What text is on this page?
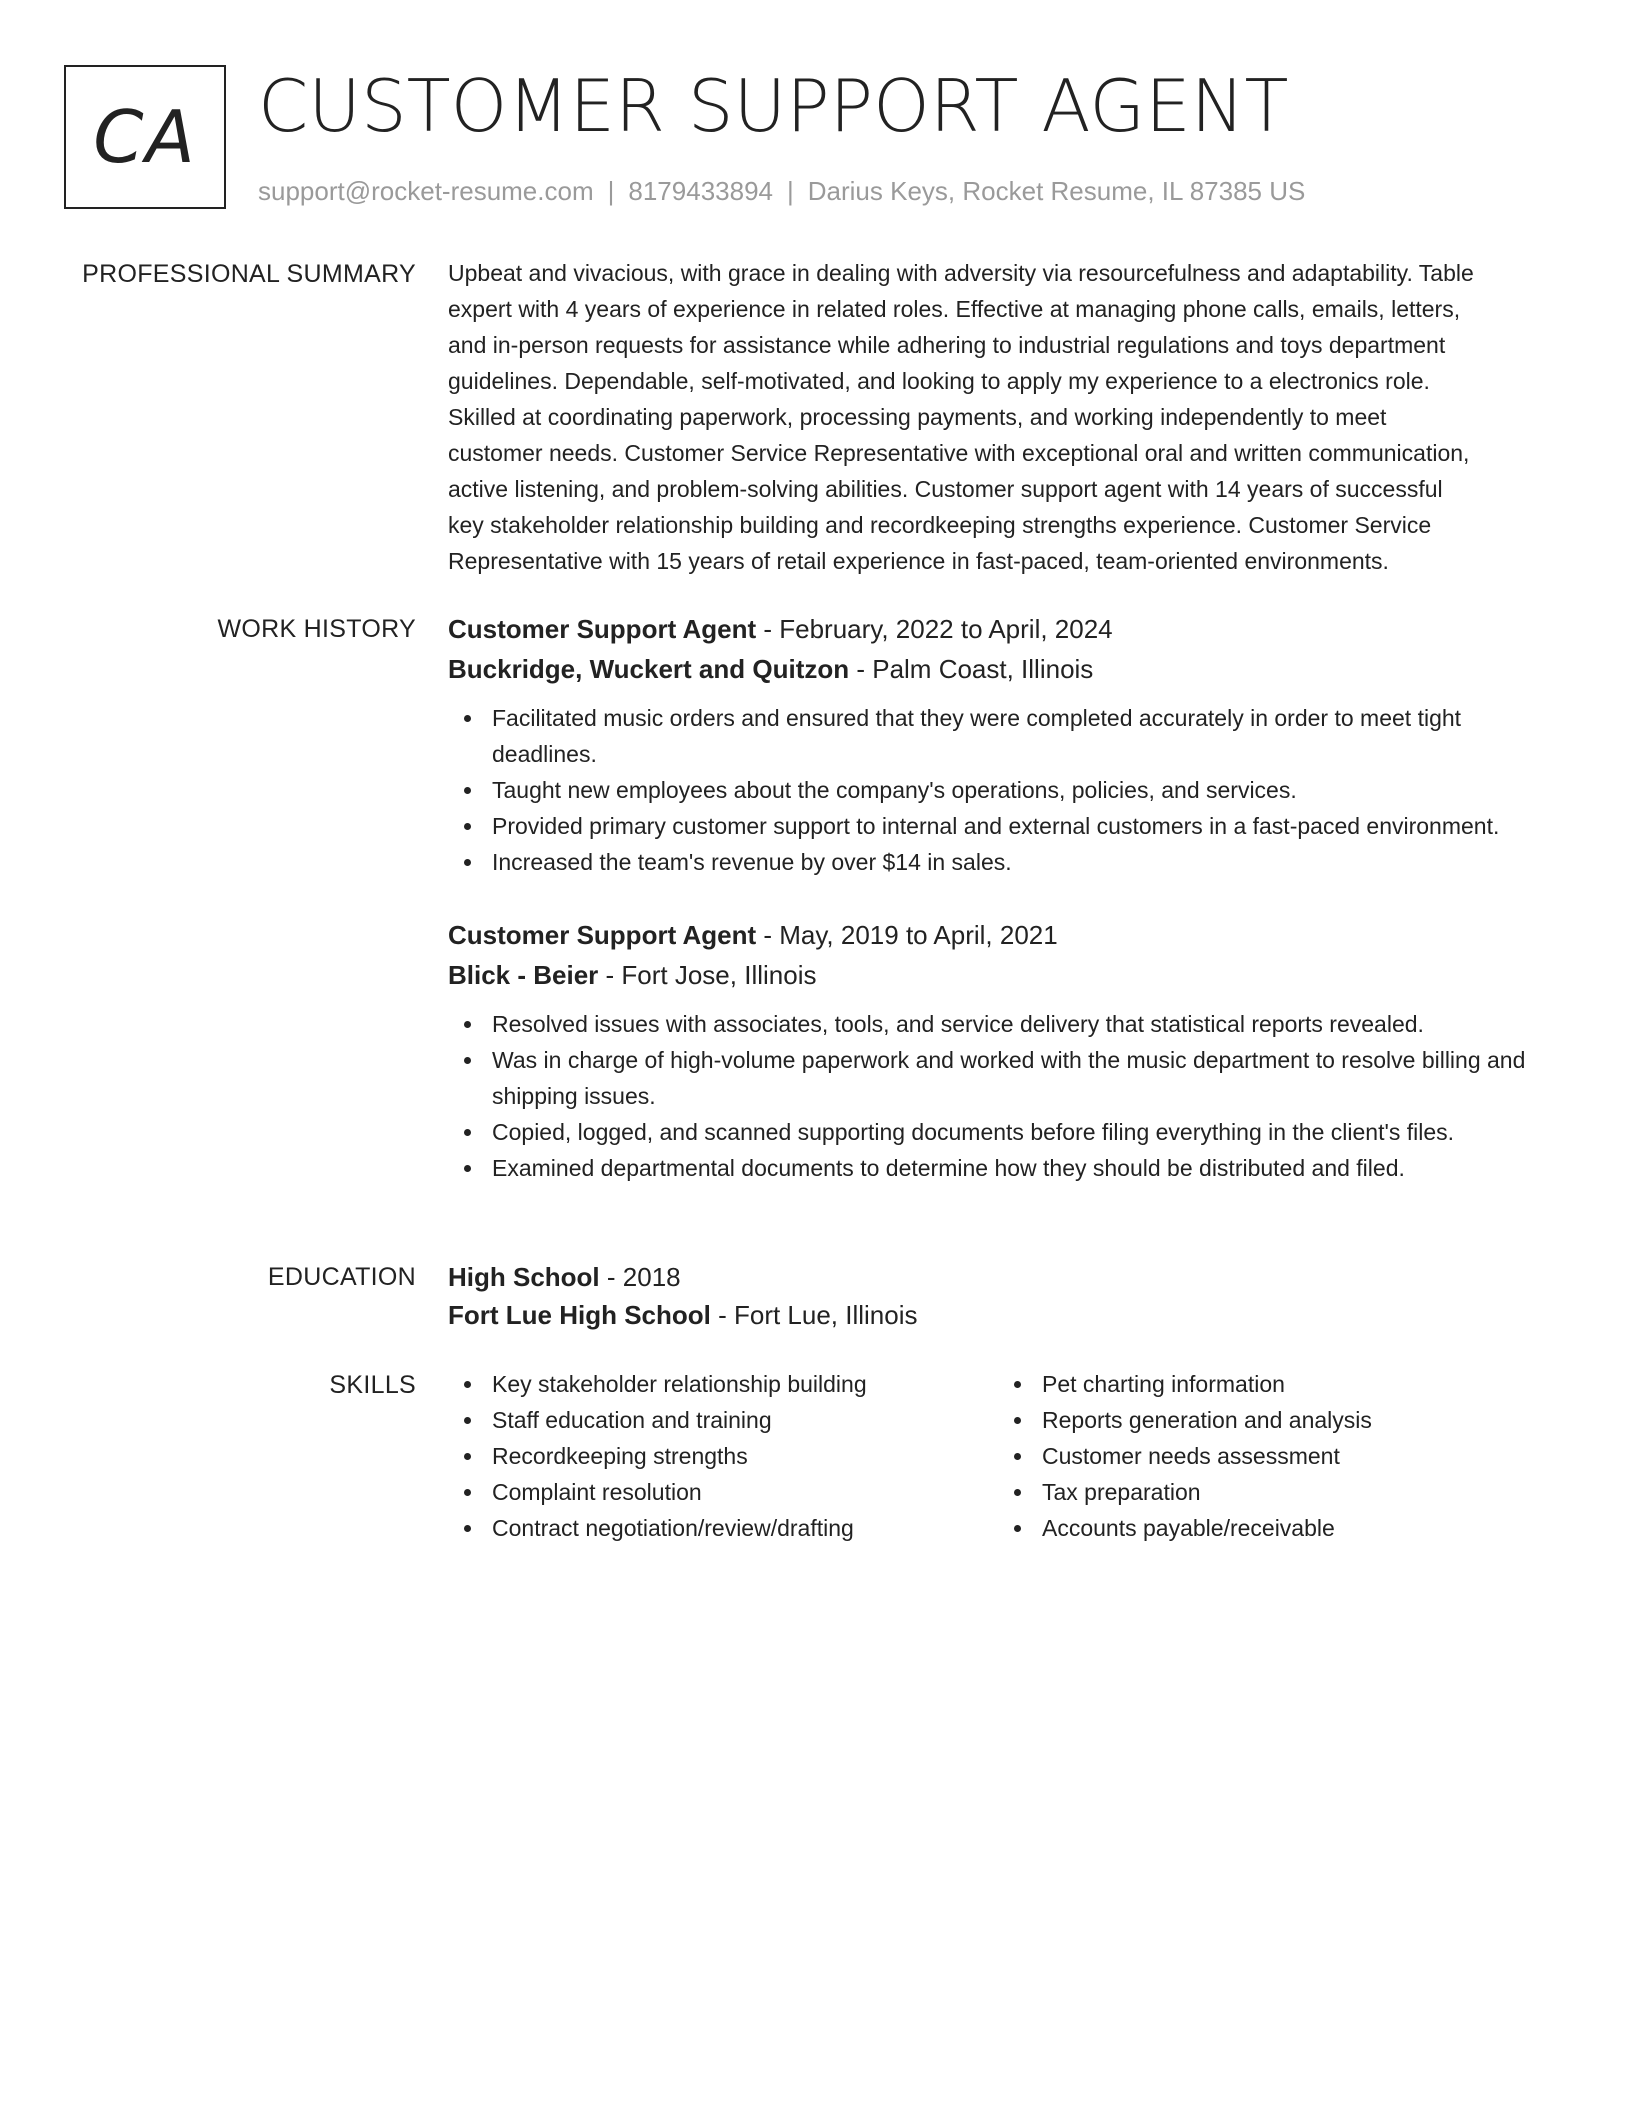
CA CUSTOMER SUPPORT AGENT
support@rocket-resume.com | 8179433894 | Darius Keys, Rocket Resume, IL 87385 US
PROFESSIONAL SUMMARY Upbeat and vivacious, with grace in dealing with adversity via resourcefulness and adaptability. Table
expert with 4 years of experience in related roles. Effective at managing phone calls, emails, letters,
and in-person requests for assistance while adhering to industrial regulations and toys department
guidelines. Dependable, self-motivated, and looking to apply my experience to a electronics role.
Skilled at coordinating paperwork, processing payments, and working independently to meet
customer needs. Customer Service Representative with exceptional oral and written communication,
active listening, and problem-solving abilities. Customer support agent with 14 years of successful
key stakeholder relationship building and recordkeeping strengths experience. Customer Service
Representative with 15 years of retail experience in fast-paced, team-oriented environments.
WORK HISTORY Customer Support Agent - February, 2022 to April, 2024
Buckridge, Wuckert and Quitzon - Palm Coast, Illinois
Facilitated music orders and ensured that they were completed accurately in order to meet tight deadlines.
Taught new employees about the company's operations, policies, and services.
Provided primary customer support to internal and external customers in a fast-paced environment.
Increased the team's revenue by over $14 in sales.
Customer Support Agent - May, 2019 to April, 2021
Blick - Beier - Fort Jose, Illinois
Resolved issues with associates, tools, and service delivery that statistical reports revealed.
Was in charge of high-volume paperwork and worked with the music department to resolve billing and shipping issues.
Copied, logged, and scanned supporting documents before filing everything in the client's files.
Examined departmental documents to determine how they should be distributed and filed.
EDUCATION High School - 2018
Fort Lue High School - Fort Lue, Illinois
SKILLS	Key stakeholder relationship building
Staff education and training
Recordkeeping strengths
Complaint resolution
Contract negotiation/review/drafting
Pet charting information
Reports generation and analysis
Customer needs assessment
Tax preparation
Accounts payable/receivable
